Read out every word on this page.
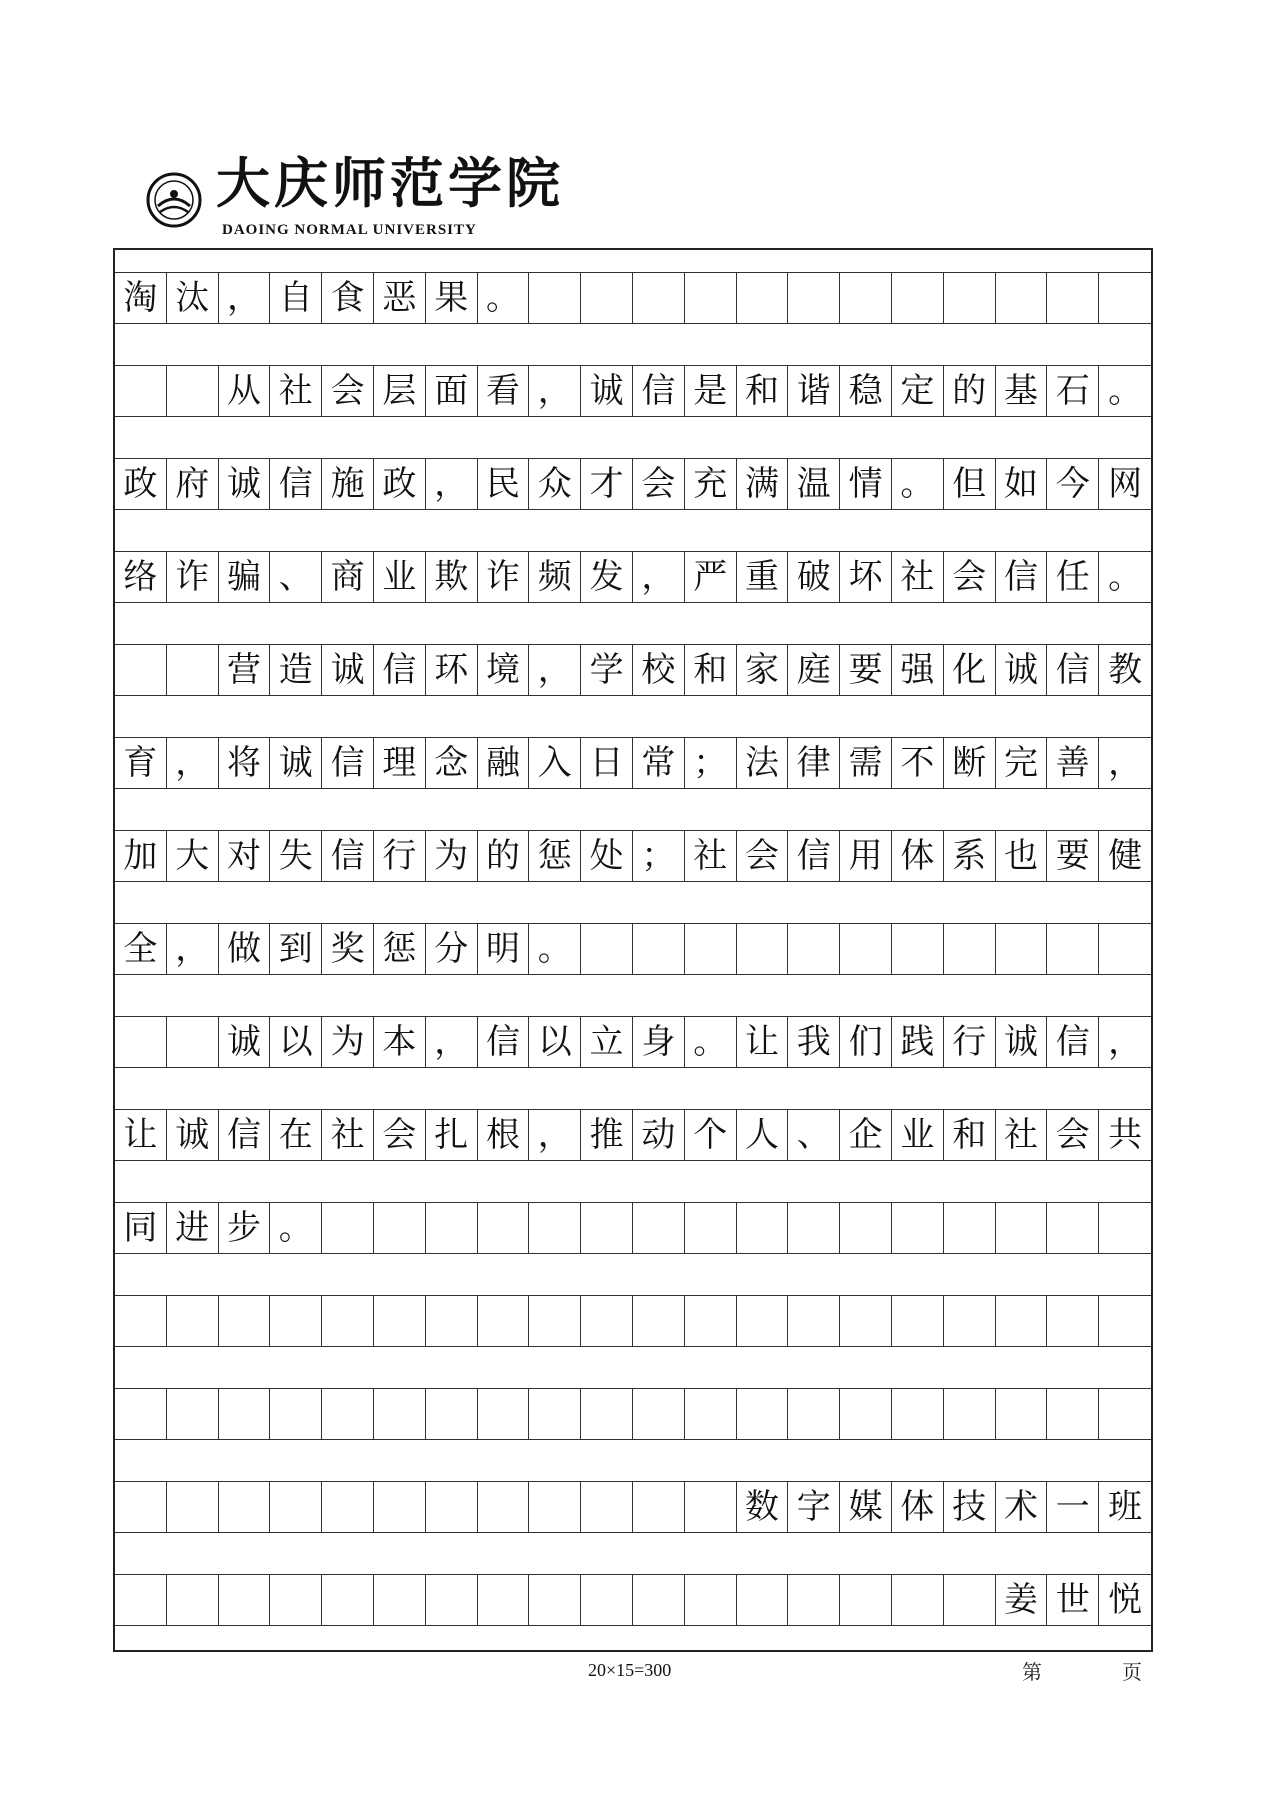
大庆师范学院
DAOING NORMAL UNIVERSITY
淘 汰 ， 自 食 恶 果 。
从 社 会 层 面 看 ， 诚 信 是 和 谐 稳 定 的 基 石 。
政 府 诚 信 施 政 ， 民 众 才 会 充 满 温 情 。 但 如 今 网
络 诈 骗 、 商 业 欺 诈 频 发 ， 严 重 破 坏 社 会 信 任 。
营 造 诚 信 环 境 ， 学 校 和 家 庭 要 强 化 诚 信 教
育 ， 将 诚 信 理 念 融 入 日 常 ； 法 律 需 不 断 完 善 ，
加 大 对 失 信 行 为 的 惩 处 ； 社 会 信 用 体 系 也 要 健
全 ， 做 到 奖 惩 分 明 。
诚 以 为 本 ， 信 以 立 身 。 让 我 们 践 行 诚 信 ，
让 诚 信 在 社 会 扎 根 ， 推 动 个 人 、 企 业 和 社 会 共
同 进 步 。
数 字 媒 体 技 术 一 班
姜 世 悦
20×15=300	第	页
